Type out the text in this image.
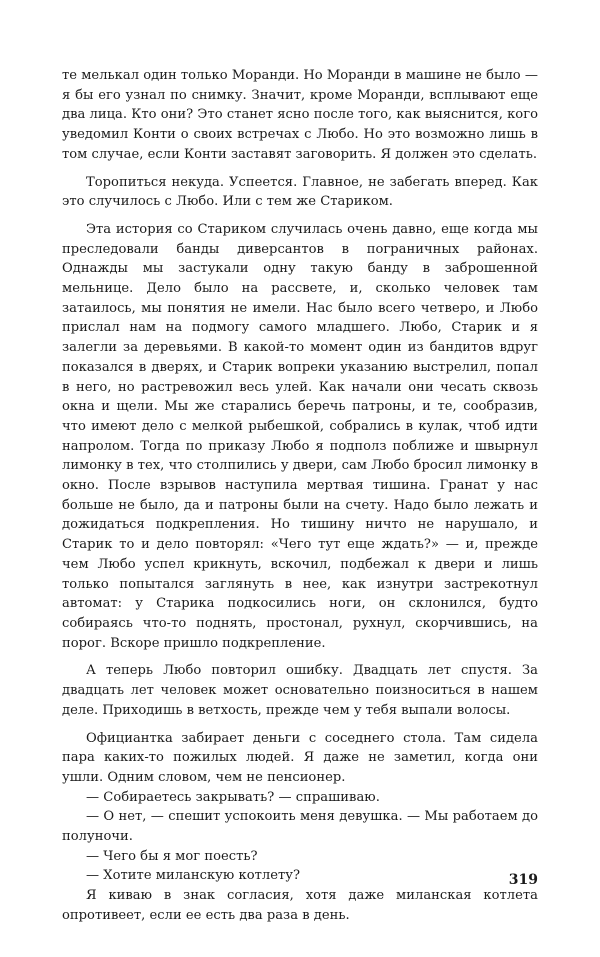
те мелькал один только Моранди. Но Моранди в машине не было — я бы его узнал по снимку. Значит, кроме Моранди, всплывают еще два лица. Кто они? Это станет ясно после того, как выяснится, кого уведомил Конти о своих встречах с Любо. Но это возможно лишь в том случае, если Конти заставят заговорить. Я должен это сделать.

Торопиться некуда. Успеется. Главное, не забегать вперед. Как это случилось с Любо. Или с тем же Стариком.

Эта история со Стариком случилась очень давно, еще когда мы преследовали банды диверсантов в пограничных районах. Однажды мы застукали одну такую банду в заброшенной мельнице. Дело было на рассвете, и, сколько человек там затаилось, мы понятия не имели. Нас было всего четверо, и Любо прислал нам на подмогу самого младшего. Любо, Старик и я залегли за деревьями. В какой-то момент один из бандитов вдруг показался в дверях, и Старик вопреки указанию выстрелил, попал в него, но растревожил весь улей. Как начали они чесать сквозь окна и щели. Мы же старались беречь патроны, и те, сообразив, что имеют дело с мелкой рыбешкой, собрались в кулак, чтоб идти напролом. Тогда по приказу Любо я подполз поближе и швырнул лимонку в тех, что столпились у двери, сам Любо бросил лимонку в окно. После взрывов наступила мертвая тишина. Гранат у нас больше не было, да и патроны были на счету. Надо было лежать и дожидаться подкрепления. Но тишину ничто не нарушало, и Старик то и дело повторял: «Чего тут еще ждать?» — и, прежде чем Любо успел крикнуть, вскочил, подбежал к двери и лишь только попытался заглянуть в нее, как изнутри застрекотнул автомат: у Старика подкосились ноги, он склонился, будто собираясь что-то поднять, простонал, рухнул, скорчившись, на порог. Вскоре пришло подкрепление.

А теперь Любо повторил ошибку. Двадцать лет спустя. За двадцать лет человек может основательно поизноситься в нашем деле. Приходишь в ветхость, прежде чем у тебя выпали волосы.

Официантка забирает деньги с соседнего стола. Там сидела пара каких-то пожилых людей. Я даже не заметил, когда они ушли. Одним словом, чем не пенсионер.

— Собираетесь закрывать? — спрашиваю.

— О нет, — спешит успокоить меня девушка. — Мы работаем до полуночи.

— Чего бы я мог поесть?

— Хотите миланскую котлету?

Я киваю в знак согласия, хотя даже миланская котлета опротивеет, если ее есть два раза в день.

319
